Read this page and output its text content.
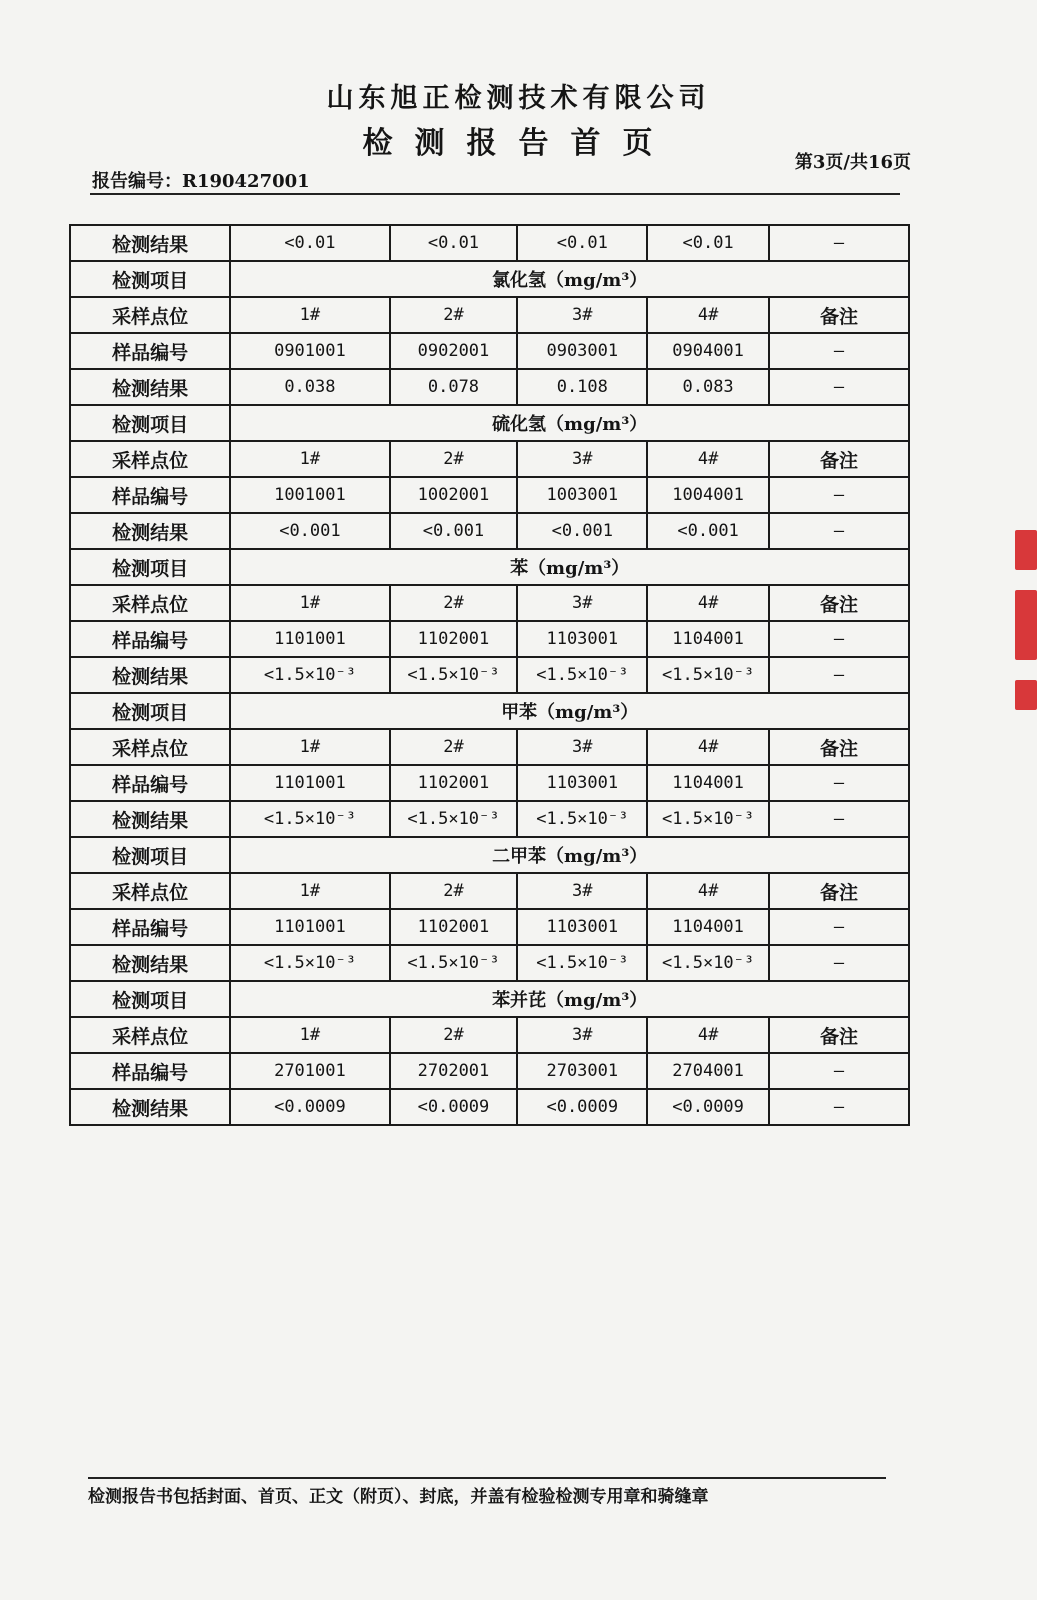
山东旭正检测技术有限公司
检测报告首页
第3页/共16页
报告编号：R190427001
检测结果	<0.01	<0.01	<0.01	<0.01	—
检测项目	氯化氢（mg/m³）				
采样点位	1#	2#	3#	4#	备注
样品编号	0901001	0902001	0903001	0904001	—
检测结果	0.038	0.078	0.108	0.083	—
检测项目	硫化氢（mg/m³）				
采样点位	1#	2#	3#	4#	备注
样品编号	1001001	1002001	1003001	1004001	—
检测结果	<0.001	<0.001	<0.001	<0.001	—
检测项目	苯（mg/m³）				
采样点位	1#	2#	3#	4#	备注
样品编号	1101001	1102001	1103001	1104001	—
检测结果	<1.5×10⁻³	<1.5×10⁻³	<1.5×10⁻³	<1.5×10⁻³	—
检测项目	甲苯（mg/m³）				
采样点位	1#	2#	3#	4#	备注
样品编号	1101001	1102001	1103001	1104001	—
检测结果	<1.5×10⁻³	<1.5×10⁻³	<1.5×10⁻³	<1.5×10⁻³	—
检测项目	二甲苯（mg/m³）				
采样点位	1#	2#	3#	4#	备注
样品编号	1101001	1102001	1103001	1104001	—
检测结果	<1.5×10⁻³	<1.5×10⁻³	<1.5×10⁻³	<1.5×10⁻³	—
检测项目	苯并芘（mg/m³）				
采样点位	1#	2#	3#	4#	备注
样品编号	2701001	2702001	2703001	2704001	—
检测结果	<0.0009	<0.0009	<0.0009	<0.0009	—
检测报告书包括封面、首页、正文（附页）、封底，并盖有检验检测专用章和骑缝章
